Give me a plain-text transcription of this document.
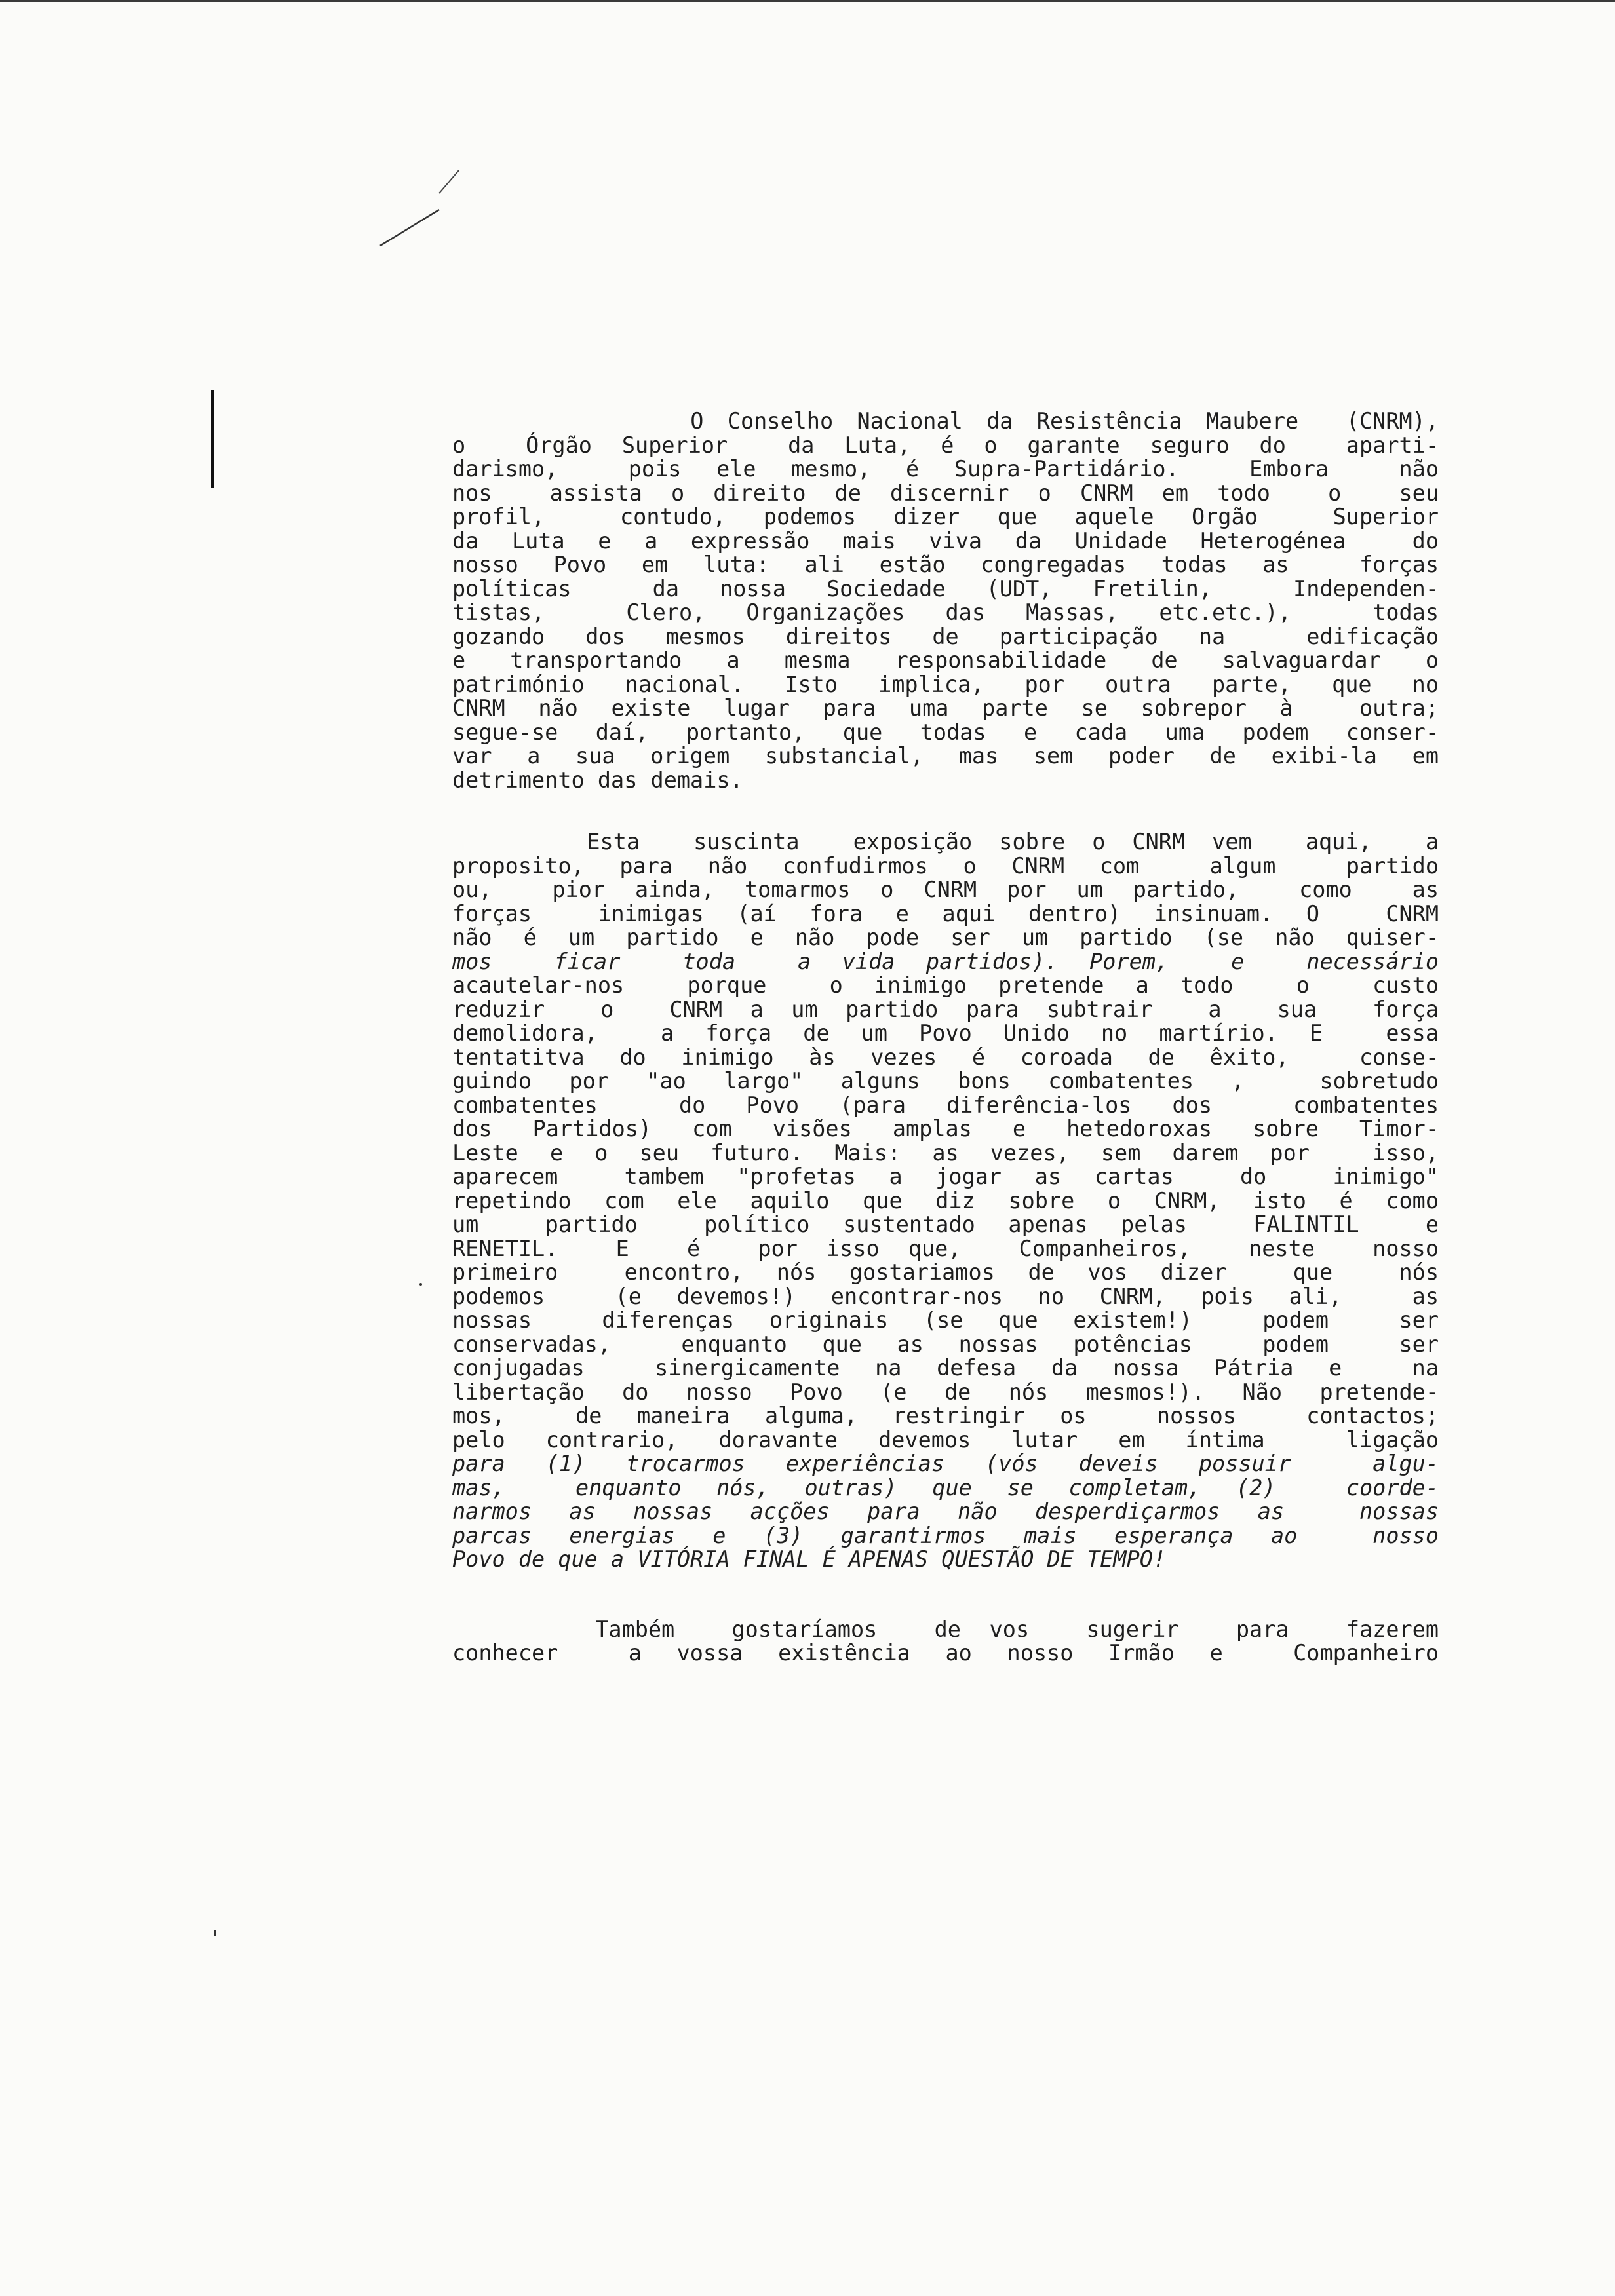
O Conselho Nacional da Resistência Maubere  (CNRM),
o  Órgão Superior  da Luta, é o garante seguro do  aparti-
darismo,  pois ele mesmo, é Supra-Partidário.  Embora  não
nos  assista o direito de discernir o CNRM em todo  o  seu
profil,  contudo, podemos dizer que aquele Orgão  Superior
da Luta e a expressão mais viva da Unidade Heterogénea  do
nosso Povo em luta: ali estão congregadas todas as  forças
políticas  da nossa Sociedade (UDT, Fretilin,  Independen-
tistas,  Clero, Organizações das Massas, etc.etc.),  todas
gozando dos mesmos direitos de participação na  edificação
e transportando a mesma responsabilidade de salvaguardar o
património nacional. Isto implica, por outra parte, que no
CNRM não existe lugar para uma parte se sobrepor à  outra;
segue-se daí, portanto, que todas e cada uma podem conser-
var a sua origem substancial, mas sem poder de exibi-la em
detrimento das demais.
Esta  suscinta  exposição sobre o CNRM vem  aqui,  a
proposito, para não confudirmos o CNRM com  algum  partido
ou,  pior ainda, tomarmos o CNRM por um partido,  como  as
forças  inimigas (aí fora e aqui dentro) insinuam. O  CNRM
não é um partido e não pode ser um partido (se não quiser-
mos  ficar  toda  a vida partidos). Porem,  e  necessário
acautelar-nos  porque  o inimigo pretende a todo  o  custo
reduzir  o  CNRM a um partido para subtrair  a  sua  força
demolidora,  a força de um Povo Unido no martírio. E  essa
tentatitva do inimigo às vezes é coroada de êxito,  conse-
guindo por "ao largo" alguns bons combatentes ,  sobretudo
combatentes  do Povo (para diferência-los dos  combatentes
dos Partidos) com visões amplas e hetedoroxas sobre Timor-
Leste e o seu futuro. Mais: as vezes, sem darem por  isso,
aparecem  tambem "profetas a jogar as cartas  do  inimigo"
repetindo com ele aquilo que diz sobre o CNRM, isto é como
um  partido  político sustentado apenas pelas  FALINTIL  e
RENETIL.  E  é  por isso que,  Companheiros,  neste  nosso
primeiro  encontro, nós gostariamos de vos dizer  que  nós
podemos  (e devemos!) encontrar-nos no CNRM, pois ali,  as
nossas  diferenças originais (se que existem!)  podem  ser
conservadas,  enquanto que as nossas potências  podem  ser
conjugadas  sinergicamente na defesa da nossa Pátria e  na
libertação do nosso Povo (e de nós mesmos!). Não pretende-
mos,  de maneira alguma, restringir os  nossos  contactos;
pelo contrario, doravante devemos lutar em íntima  ligação
para (1) trocarmos experiências (vós deveis possuir  algu-
mas,  enquanto nós, outras) que se completam, (2)  coorde-
narmos as nossas acções para não desperdiçarmos as  nossas
parcas energias e (3) garantirmos mais esperança ao  nosso
Povo de que a VITÓRIA FINAL É APENAS QUESTÃO DE TEMPO!
Também  gostaríamos  de vos  sugerir  para  fazerem
conhecer  a vossa existência ao nosso Irmão e  Companheiro
